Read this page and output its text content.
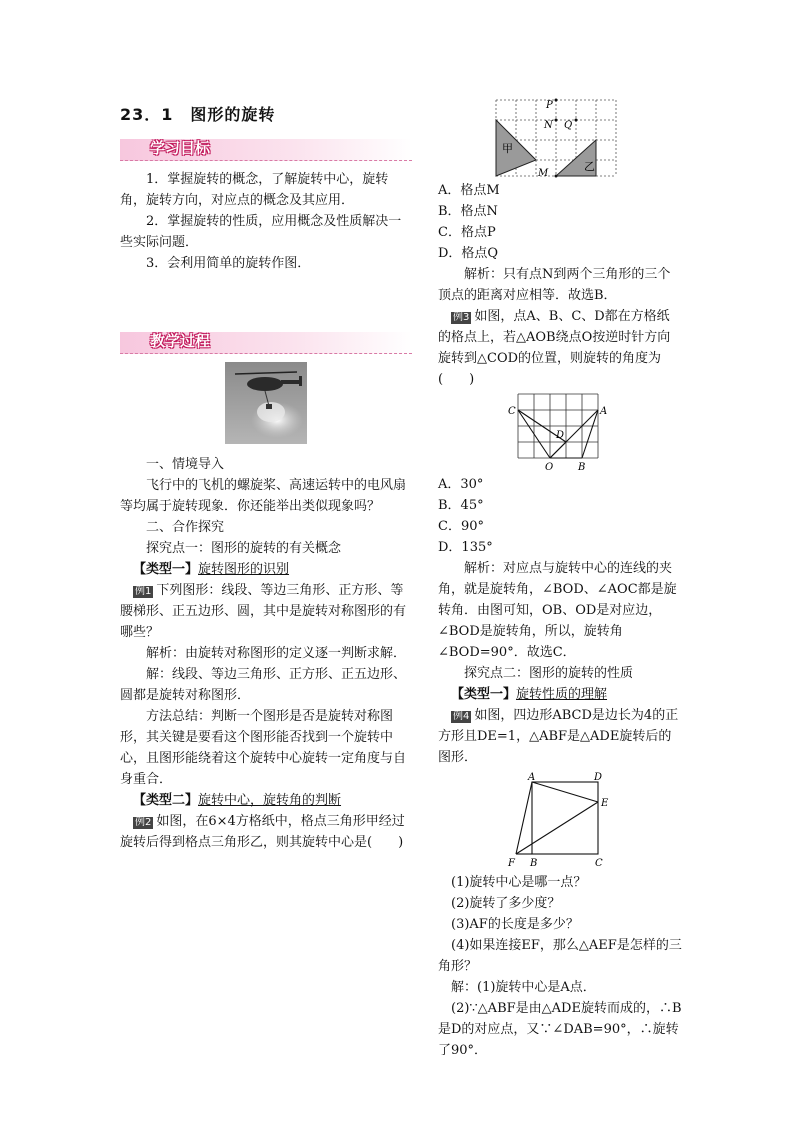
23．1　图形的旋转

学习目标

1．掌握旋转的概念，了解旋转中心，旋转角，旋转方向，对应点的概念及其应用．

2．掌握旋转的性质，应用概念及性质解决一些实际问题．

3．会利用简单的旋转作图．

教学过程

一、情境导入

飞行中的飞机的螺旋桨、高速运转中的电风扇等均属于旋转现象．你还能举出类似现象吗？

二、合作探究

探究点一：图形的旋转的有关概念

【类型一】旋转图形的识别

例1 下列图形：线段、等边三角形、正方形、等腰梯形、正五边形、圆，其中是旋转对称图形的有哪些？

解析：由旋转对称图形的定义逐一判断求解．

解：线段、等边三角形、正方形、正五边形、圆都是旋转对称图形．

方法总结：判断一个图形是否是旋转对称图形，其关键是要看这个图形能否找到一个旋转中心，且图形能绕着这个旋转中心旋转一定角度与自身重合．

【类型二】旋转中心，旋转角的判断

例2 如图，在6×4方格纸中，格点三角形甲经过旋转后得到格点三角形乙，则其旋转中心是(　　)

甲
乙
P
N Q
M

A．格点M

B．格点N

C．格点P

D．格点Q

解析：只有点N到两个三角形的三个顶点的距离对应相等．故选B．

例3 如图，点A、B、C、D都在方格纸的格点上，若△AOB绕点O按逆时针方向旋转到△COD的位置，则旋转的角度为(　　)

C	A
D
O B

A．30°

B．45°

C．90°

D．135°

解析：对应点与旋转中心的连线的夹角，就是旋转角，∠BOD、∠AOC都是旋转角．由图可知，OB、OD是对应边，∠BOD是旋转角，所以，旋转角∠BOD=90°．故选C．

探究点二：图形的旋转的性质

【类型一】旋转性质的理解

例4 如图，四边形ABCD是边长为4的正方形且DE=1，△ABF是△ADE旋转后的图形．

A	D
E
F B	C

(1)旋转中心是哪一点？

(2)旋转了多少度？

(3)AF的长度是多少？

(4)如果连接EF，那么△AEF是怎样的三角形？

解：(1)旋转中心是A点．

(2)∵△ABF是由△ADE旋转而成的，∴B是D的对应点，又∵∠DAB=90°，∴旋转了90°．
